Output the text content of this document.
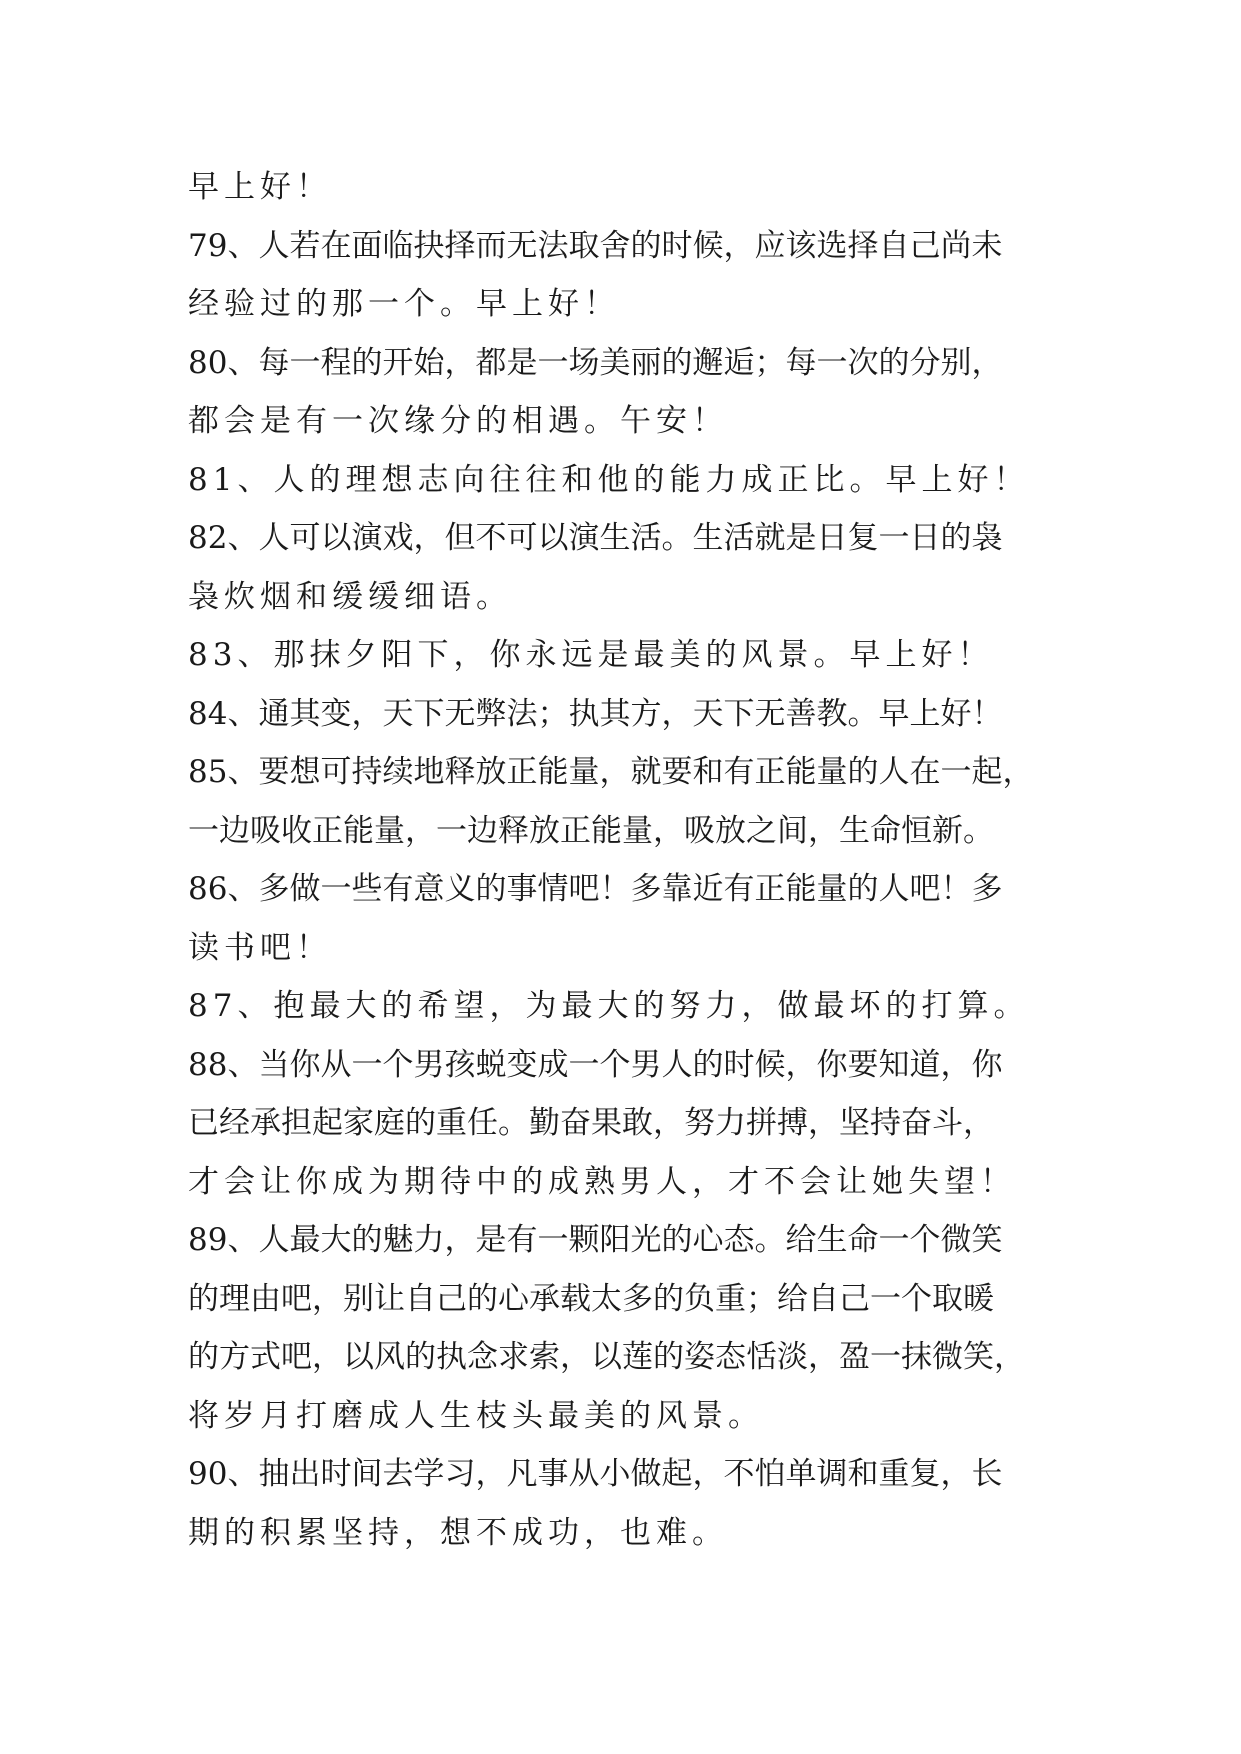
早上好！
79、人若在面临抉择而无法取舍的时候，应该选择自己尚未
经验过的那一个。早上好！
80、每一程的开始，都是一场美丽的邂逅；每一次的分别，
都会是有一次缘分的相遇。午安！
81、人的理想志向往往和他的能力成正比。早上好！
82、人可以演戏，但不可以演生活。生活就是日复一日的袅
袅炊烟和缓缓细语。
83、那抹夕阳下，你永远是最美的风景。早上好！
84、通其变，天下无弊法；执其方，天下无善教。早上好！
85、要想可持续地释放正能量，就要和有正能量的人在一起，
一边吸收正能量，一边释放正能量，吸放之间，生命恒新。
86、多做一些有意义的事情吧！多靠近有正能量的人吧！多
读书吧！
87、抱最大的希望，为最大的努力，做最坏的打算。
88、当你从一个男孩蜕变成一个男人的时候，你要知道，你
已经承担起家庭的重任。勤奋果敢，努力拼搏，坚持奋斗，
才会让你成为期待中的成熟男人，才不会让她失望！
89、人最大的魅力，是有一颗阳光的心态。给生命一个微笑
的理由吧，别让自己的心承载太多的负重；给自己一个取暖
的方式吧，以风的执念求索，以莲的姿态恬淡，盈一抹微笑，
将岁月打磨成人生枝头最美的风景。
90、抽出时间去学习，凡事从小做起，不怕单调和重复，长
期的积累坚持，想不成功，也难。
